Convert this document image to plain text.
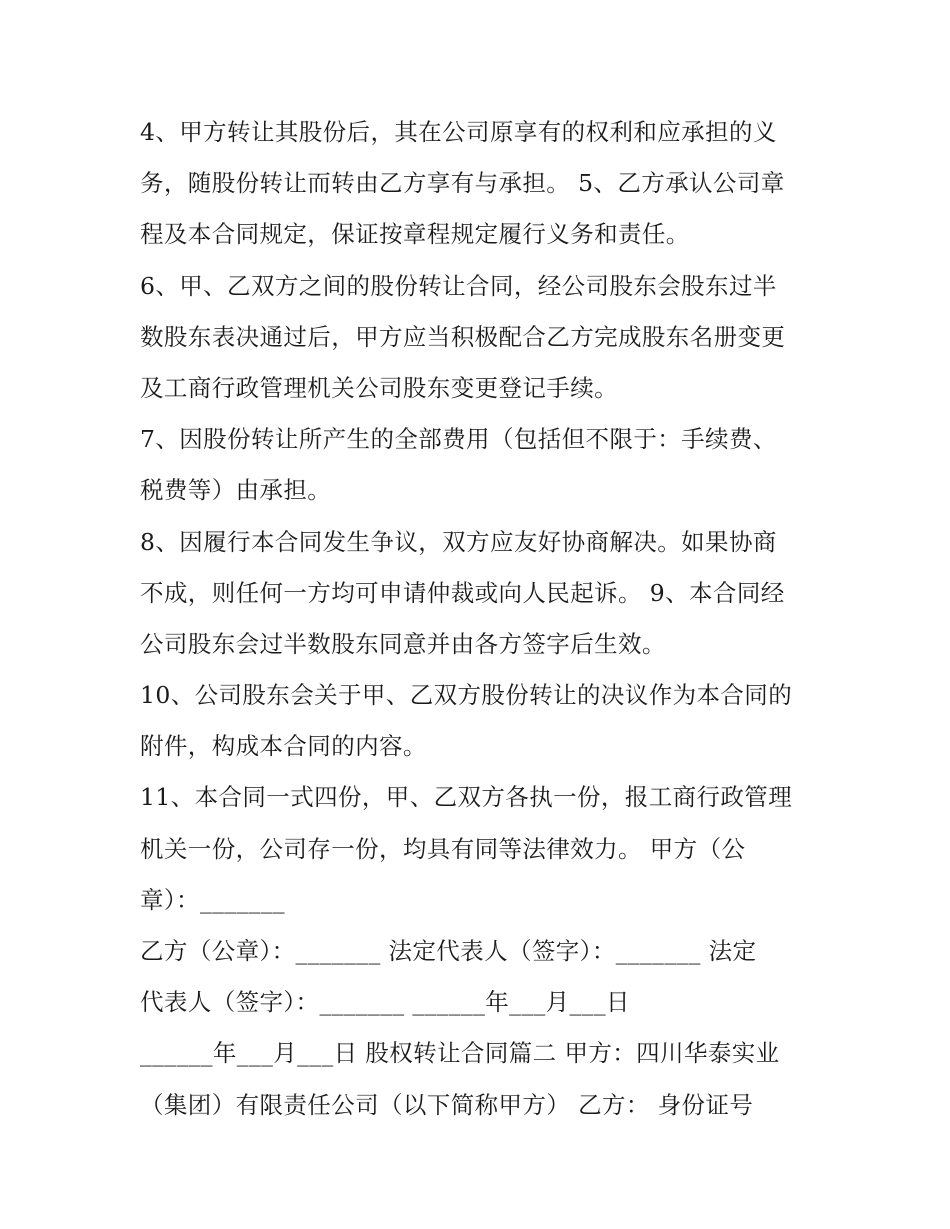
4、甲方转让其股份后，其在公司原享有的权利和应承担的义
务，随股份转让而转由乙方享有与承担。 5、乙方承认公司章
程及本合同规定，保证按章程规定履行义务和责任。
6、甲、乙双方之间的股份转让合同，经公司股东会股东过半
数股东表决通过后，甲方应当积极配合乙方完成股东名册变更
及工商行政管理机关公司股东变更登记手续。
7、因股份转让所产生的全部费用（包括但不限于：手续费、
税费等）由承担。
8、因履行本合同发生争议，双方应友好协商解决。如果协商
不成，则任何一方均可申请仲裁或向人民起诉。 9、本合同经
公司股东会过半数股东同意并由各方签字后生效。
10、公司股东会关于甲、乙双方股份转让的决议作为本合同的
附件，构成本合同的内容。
11、本合同一式四份，甲、乙双方各执一份，报工商行政管理
机关一份，公司存一份，均具有同等法律效力。 甲方（公
章）：_______
乙方（公章）：_______ 法定代表人（签字）：_______ 法定
代表人（签字）：_______ ______年___月___日
______年___月___日 股权转让合同篇二 甲方：四川华泰实业
（集团）有限责任公司（以下简称甲方） 乙方： 身份证号
